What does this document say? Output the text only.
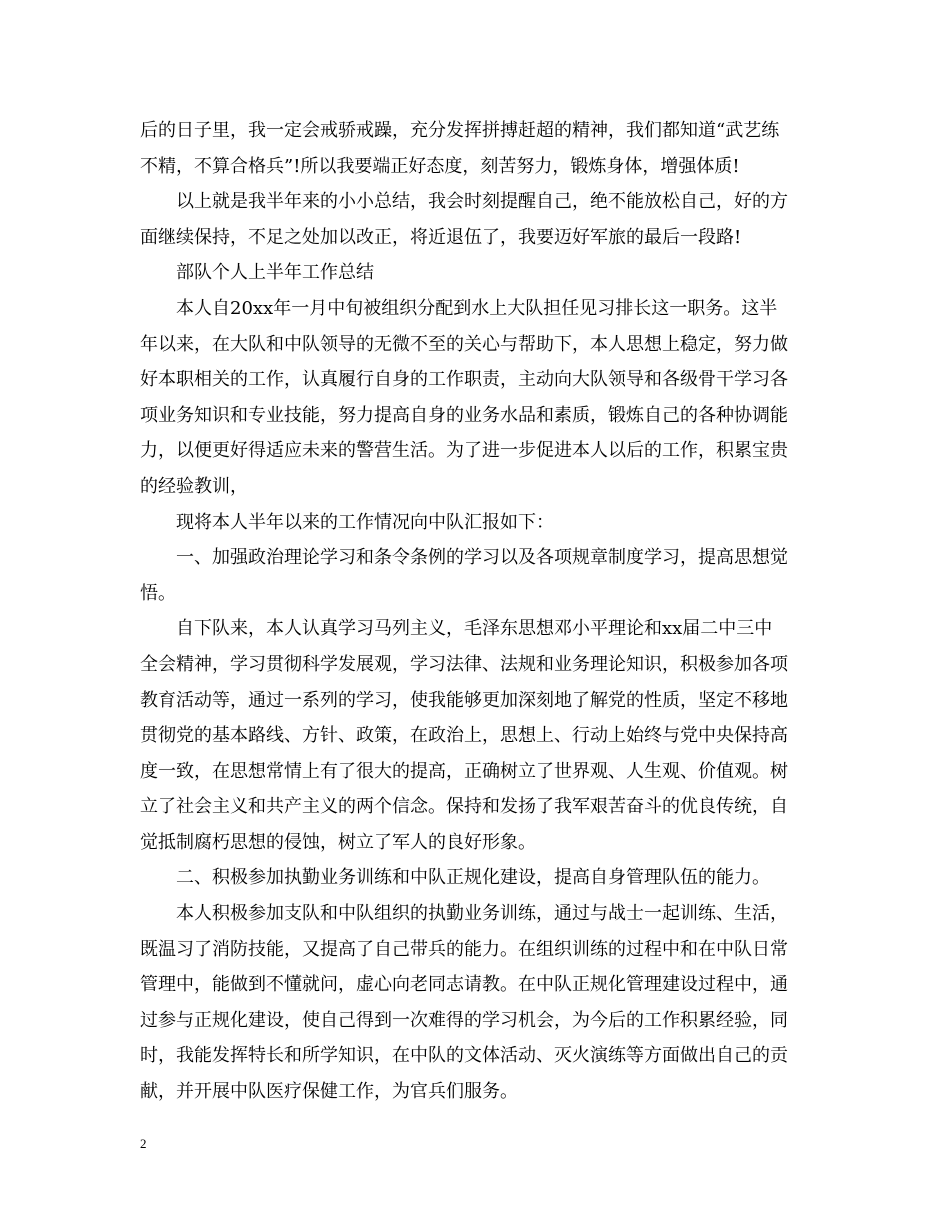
后的日子里，我一定会戒骄戒躁，充分发挥拼搏赶超的精神，我们都知道“武艺练
不精，不算合格兵”!所以我要端正好态度，刻苦努力，锻炼身体，增强体质!
以上就是我半年来的小小总结，我会时刻提醒自己，绝不能放松自己，好的方
面继续保持，不足之处加以改正，将近退伍了，我要迈好军旅的最后一段路!
部队个人上半年工作总结
本人自20xx年一月中旬被组织分配到水上大队担任见习排长这一职务。这半
年以来，在大队和中队领导的无微不至的关心与帮助下，本人思想上稳定，努力做
好本职相关的工作，认真履行自身的工作职责，主动向大队领导和各级骨干学习各
项业务知识和专业技能，努力提高自身的业务水品和素质，锻炼自己的各种协调能
力，以便更好得适应未来的警营生活。为了进一步促进本人以后的工作，积累宝贵
的经验教训，
现将本人半年以来的工作情况向中队汇报如下：
一、加强政治理论学习和条令条例的学习以及各项规章制度学习，提高思想觉
悟。
自下队来，本人认真学习马列主义，毛泽东思想邓小平理论和xx届二中三中
全会精神，学习贯彻科学发展观，学习法律、法规和业务理论知识，积极参加各项
教育活动等，通过一系列的学习，使我能够更加深刻地了解党的性质，坚定不移地
贯彻党的基本路线、方针、政策，在政治上，思想上、行动上始终与党中央保持高
度一致，在思想常情上有了很大的提高，正确树立了世界观、人生观、价值观。树
立了社会主义和共产主义的两个信念。保持和发扬了我军艰苦奋斗的优良传统，自
觉抵制腐朽思想的侵蚀，树立了军人的良好形象。
二、积极参加执勤业务训练和中队正规化建设，提高自身管理队伍的能力。
本人积极参加支队和中队组织的执勤业务训练，通过与战士一起训练、生活，
既温习了消防技能，又提高了自己带兵的能力。在组织训练的过程中和在中队日常
管理中，能做到不懂就问，虚心向老同志请教。在中队正规化管理建设过程中，通
过参与正规化建设，使自己得到一次难得的学习机会，为今后的工作积累经验，同
时，我能发挥特长和所学知识，在中队的文体活动、灭火演练等方面做出自己的贡
献，并开展中队医疗保健工作，为官兵们服务。
2
